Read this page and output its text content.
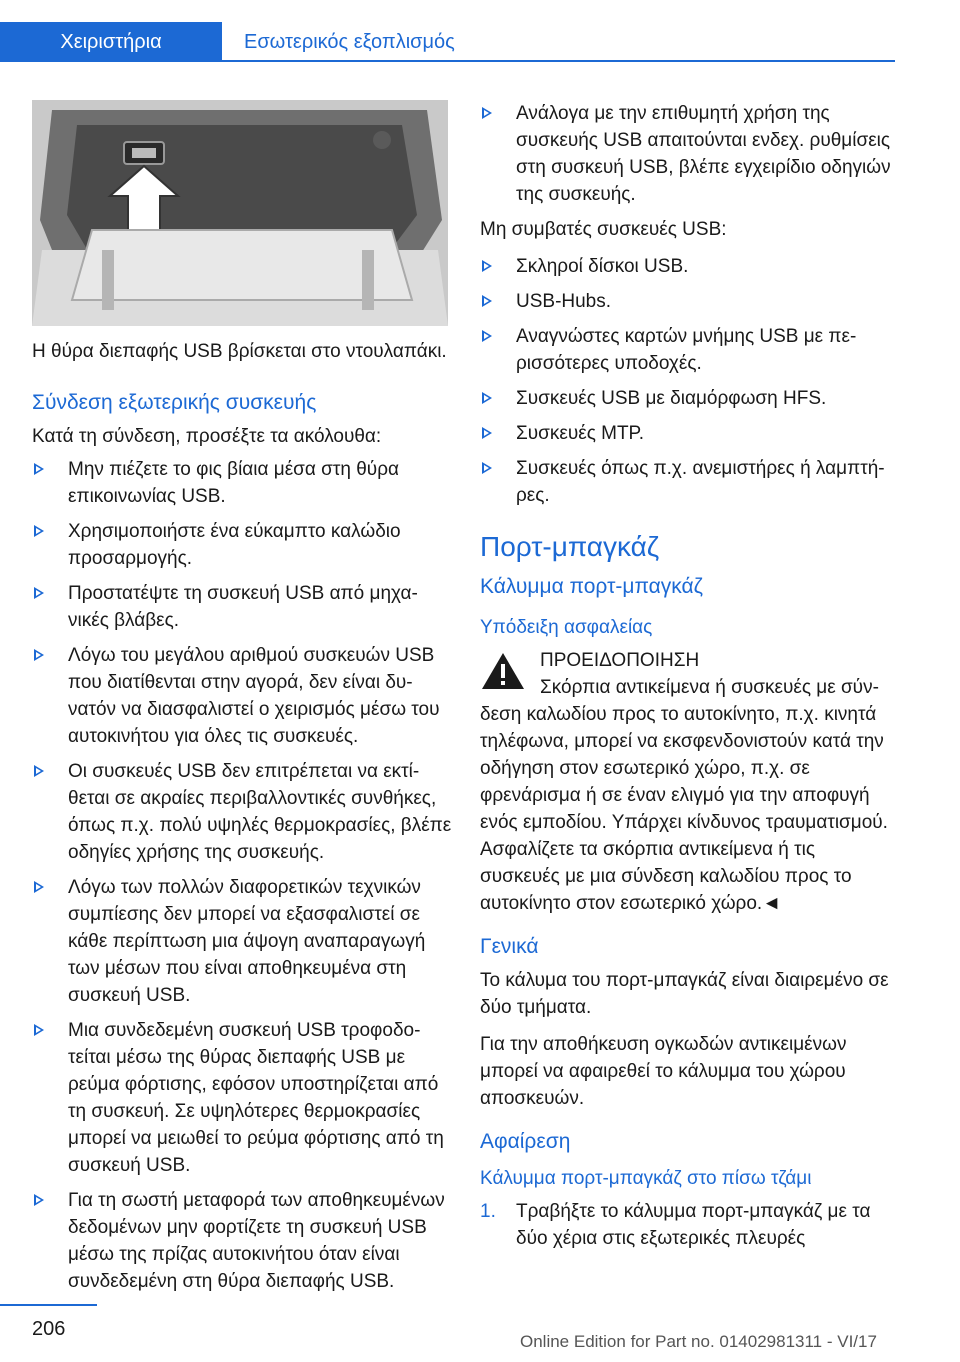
Χειριστήρια	Εσωτερικός εξοπλισμός

Η θύρα διεπαφής USB βρίσκεται στο ντουλαπάκι.

Σύνδεση εξωτερικής συσκευής

Κατά τη σύνδεση, προσέξτε τα ακόλουθα:

Μην πιέζετε το φις βίαια μέσα στη θύρα επικοινωνίας USB.
Χρησιμοποιήστε ένα εύκαμπτο καλώδιο προσαρμογής.
Προστατέψτε τη συσκευή USB από μηχανικές βλάβες.
Λόγω του μεγάλου αριθμού συσκευών USB που διατίθενται στην αγορά, δεν είναι δυνατόν να διασφαλιστεί ο χειρισμός μέσω του αυτοκινήτου για όλες τις συσκευές.
Οι συσκευές USB δεν επιτρέπεται να εκτίθεται σε ακραίες περιβαλλοντικές συνθήκες, όπως π.χ. πολύ υψηλές θερμοκρασίες, βλέπε οδηγίες χρήσης της συσκευής.
Λόγω των πολλών διαφορετικών τεχνικών συμπίεσης δεν μπορεί να εξασφαλιστεί σε κάθε περίπτωση μια άψογη αναπαραγωγή των μέσων που είναι αποθηκευμένα στη συσκευή USB.
Μια συνδεδεμένη συσκευή USB τροφοδοτείται μέσω της θύρας διεπαφής USB με ρεύμα φόρτισης, εφόσον υποστηρίζεται από τη συσκευή. Σε υψηλότερες θερμοκρασίες μπορεί να μειωθεί το ρεύμα φόρτισης από τη συσκευή USB.
Για τη σωστή μεταφορά των αποθηκευμένων δεδομένων μην φορτίζετε τη συσκευή USB μέσω της πρίζας αυτοκινήτου όταν είναι συνδεδεμένη στη θύρα διεπαφής USB.
Ανάλογα με την επιθυμητή χρήση της συσκευής USB απαιτούνται ενδεχ. ρυθμίσεις στη συσκευή USB, βλέπε εγχειρίδιο οδηγιών της συσκευής.

Μη συμβατές συσκευές USB:

Σκληροί δίσκοι USB.
USB-Hubs.
Αναγνώστες καρτών μνήμης USB με περισσότερες υποδοχές.
Συσκευές USB με διαμόρφωση HFS.
Συσκευές MTP.
Συσκευές όπως π.χ. ανεμιστήρες ή λαμπτήρες.
Πορτ-μπαγκάζ
Κάλυμμα πορτ-μπαγκάζ
Υπόδειξη ασφαλείας
ΠΡΟΕΙΔΟΠΟΙΗΣΗ
Σκόρπια αντικείμενα ή συσκευές με σύνδεση καλωδίου προς το αυτοκίνητο, π.χ. κινητά τηλέφωνα, μπορεί να εκσφενδονιστούν κατά την οδήγηση στον εσωτερικό χώρο, π.χ. σε φρενάρισμα ή σε έναν ελιγμό για την αποφυγή ενός εμποδίου. Υπάρχει κίνδυνος τραυματισμού. Ασφαλίζετε τα σκόρπια αντικείμενα ή τις συσκευές με μια σύνδεση καλωδίου προς το αυτοκίνητο στον εσωτερικό χώρο.◄
Γενικά

Το κάλυμα του πορτ-μπαγκάζ είναι διαιρεμένο σε δύο τμήματα.

Για την αποθήκευση ογκωδών αντικειμένων μπορεί να αφαιρεθεί το κάλυμμα του χώρου αποσκευών.

Αφαίρεση
Κάλυμμα πορτ-μπαγκάζ στο πίσω τζάμι
1. Τραβήξτε το κάλυμμα πορτ-μπαγκάζ με τα δύο χέρια στις εξωτερικές πλευρές
206
Online Edition for Part no. 01402981311 - VI/17
